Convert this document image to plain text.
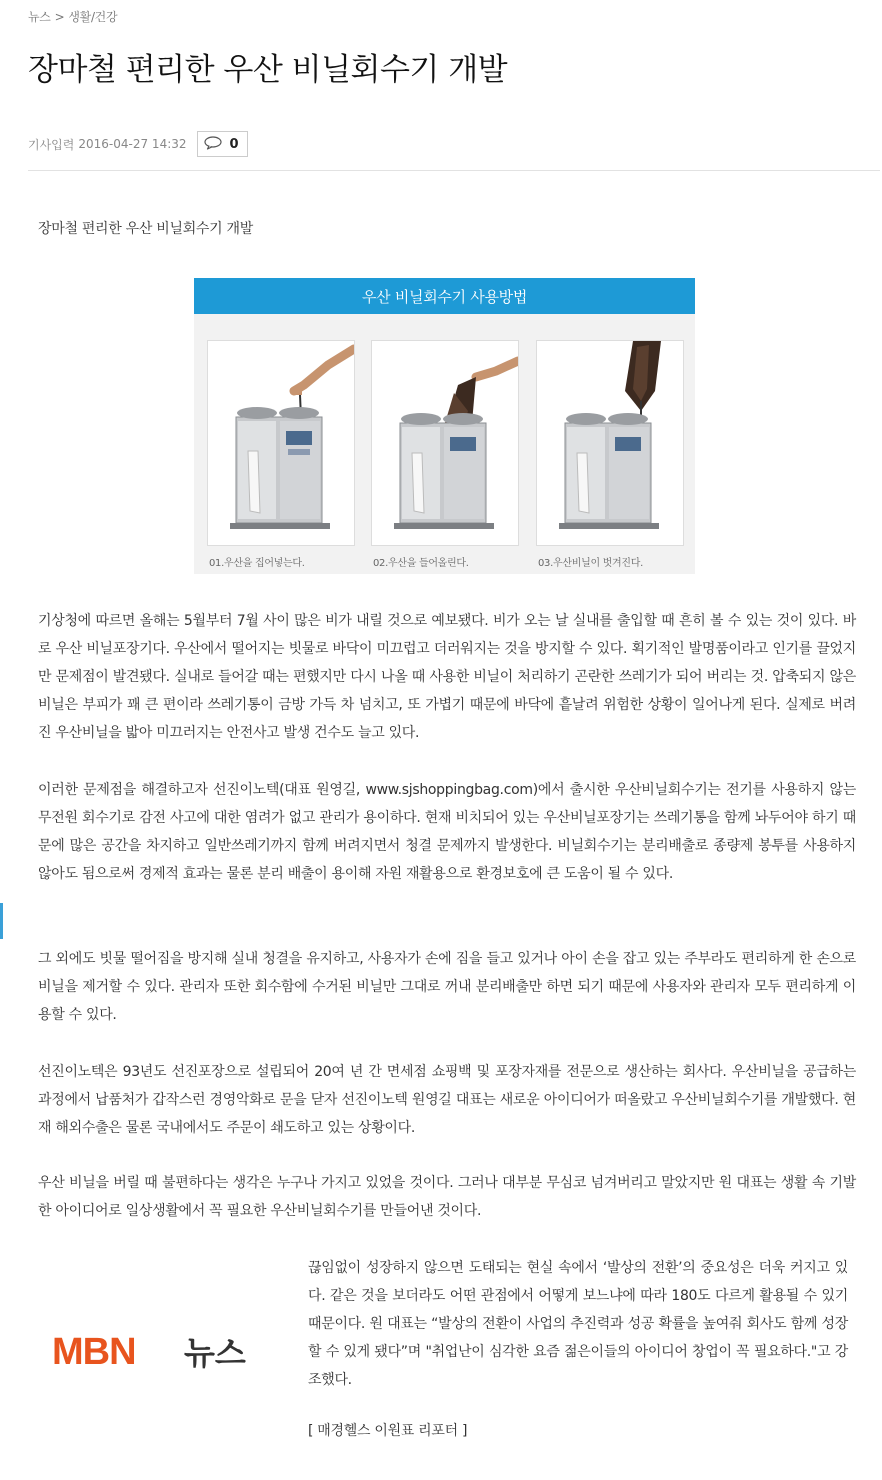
뉴스 > 생활/건강
장마철 편리한 우산 비닐회수기 개발
기사입력 2016-04-27 14:32	0
장마철 편리한 우산 비닐회수기 개발
우산 비닐회수기 사용방법
01.우산을 집어넣는다.	02.우산을 들어올린다.	03.우산비닐이 벗겨진다.

기상청에 따르면 올해는 5월부터 7월 사이 많은 비가 내릴 것으로 예보됐다. 비가 오는 날 실내를 출입할 때 흔히 볼 수 있는 것이 있다. 바로 우산 비닐포장기다. 우산에서 떨어지는 빗물로 바닥이 미끄럽고 더러워지는 것을 방지할 수 있다. 획기적인 발명품이라고 인기를 끌었지만 문제점이 발견됐다. 실내로 들어갈 때는 편했지만 다시 나올 때 사용한 비닐이 처리하기 곤란한 쓰레기가 되어 버리는 것. 압축되지 않은 비닐은 부피가 꽤 큰 편이라 쓰레기통이 금방 가득 차 넘치고, 또 가볍기 때문에 바닥에 흩날려 위험한 상황이 일어나게 된다. 실제로 버려진 우산비닐을 밟아 미끄러지는 안전사고 발생 건수도 늘고 있다.

이러한 문제점을 해결하고자 선진이노텍(대표 원영길, www.sjshoppingbag.com)에서 출시한 우산비닐회수기는 전기를 사용하지 않는 무전원 회수기로 감전 사고에 대한 염려가 없고 관리가 용이하다. 현재 비치되어 있는 우산비닐포장기는 쓰레기통을 함께 놔두어야 하기 때문에 많은 공간을 차지하고 일반쓰레기까지 함께 버려지면서 청결 문제까지 발생한다. 비닐회수기는 분리배출로 종량제 봉투를 사용하지 않아도 됨으로써 경제적 효과는 물론 분리 배출이 용이해 자원 재활용으로 환경보호에 큰 도움이 될 수 있다.

그 외에도 빗물 떨어짐을 방지해 실내 청결을 유지하고, 사용자가 손에 짐을 들고 있거나 아이 손을 잡고 있는 주부라도 편리하게 한 손으로 비닐을 제거할 수 있다. 관리자 또한 회수함에 수거된 비닐만 그대로 꺼내 분리배출만 하면 되기 때문에 사용자와 관리자 모두 편리하게 이용할 수 있다.

선진이노텍은 93년도 선진포장으로 설립되어 20여 년 간 면세점 쇼핑백 및 포장자재를 전문으로 생산하는 회사다. 우산비닐을 공급하는 과정에서 납품처가 갑작스런 경영악화로 문을 닫자 선진이노텍 원영길 대표는 새로운 아이디어가 떠올랐고 우산비닐회수기를 개발했다. 현재 해외수출은 물론 국내에서도 주문이 쇄도하고 있는 상황이다.

우산 비닐을 버릴 때 불편하다는 생각은 누구나 가지고 있었을 것이다. 그러나 대부분 무심코 넘겨버리고 말았지만 원 대표는 생활 속 기발한 아이디어로 일상생활에서 꼭 필요한 우산비닐회수기를 만들어낸 것이다.

MBN 뉴스

끊임없이 성장하지 않으면 도태되는 현실 속에서 ‘발상의 전환’의 중요성은 더욱 커지고 있다. 같은 것을 보더라도 어떤 관점에서 어떻게 보느냐에 따라 180도 다르게 활용될 수 있기 때문이다. 원 대표는 “발상의 전환이 사업의 추진력과 성공 확률을 높여줘 회사도 함께 성장할 수 있게 됐다”며 "취업난이 심각한 요즘 젊은이들의 아이디어 창업이 꼭 필요하다."고 강조했다.

[ 매경헬스 이원표 리포터 ]
